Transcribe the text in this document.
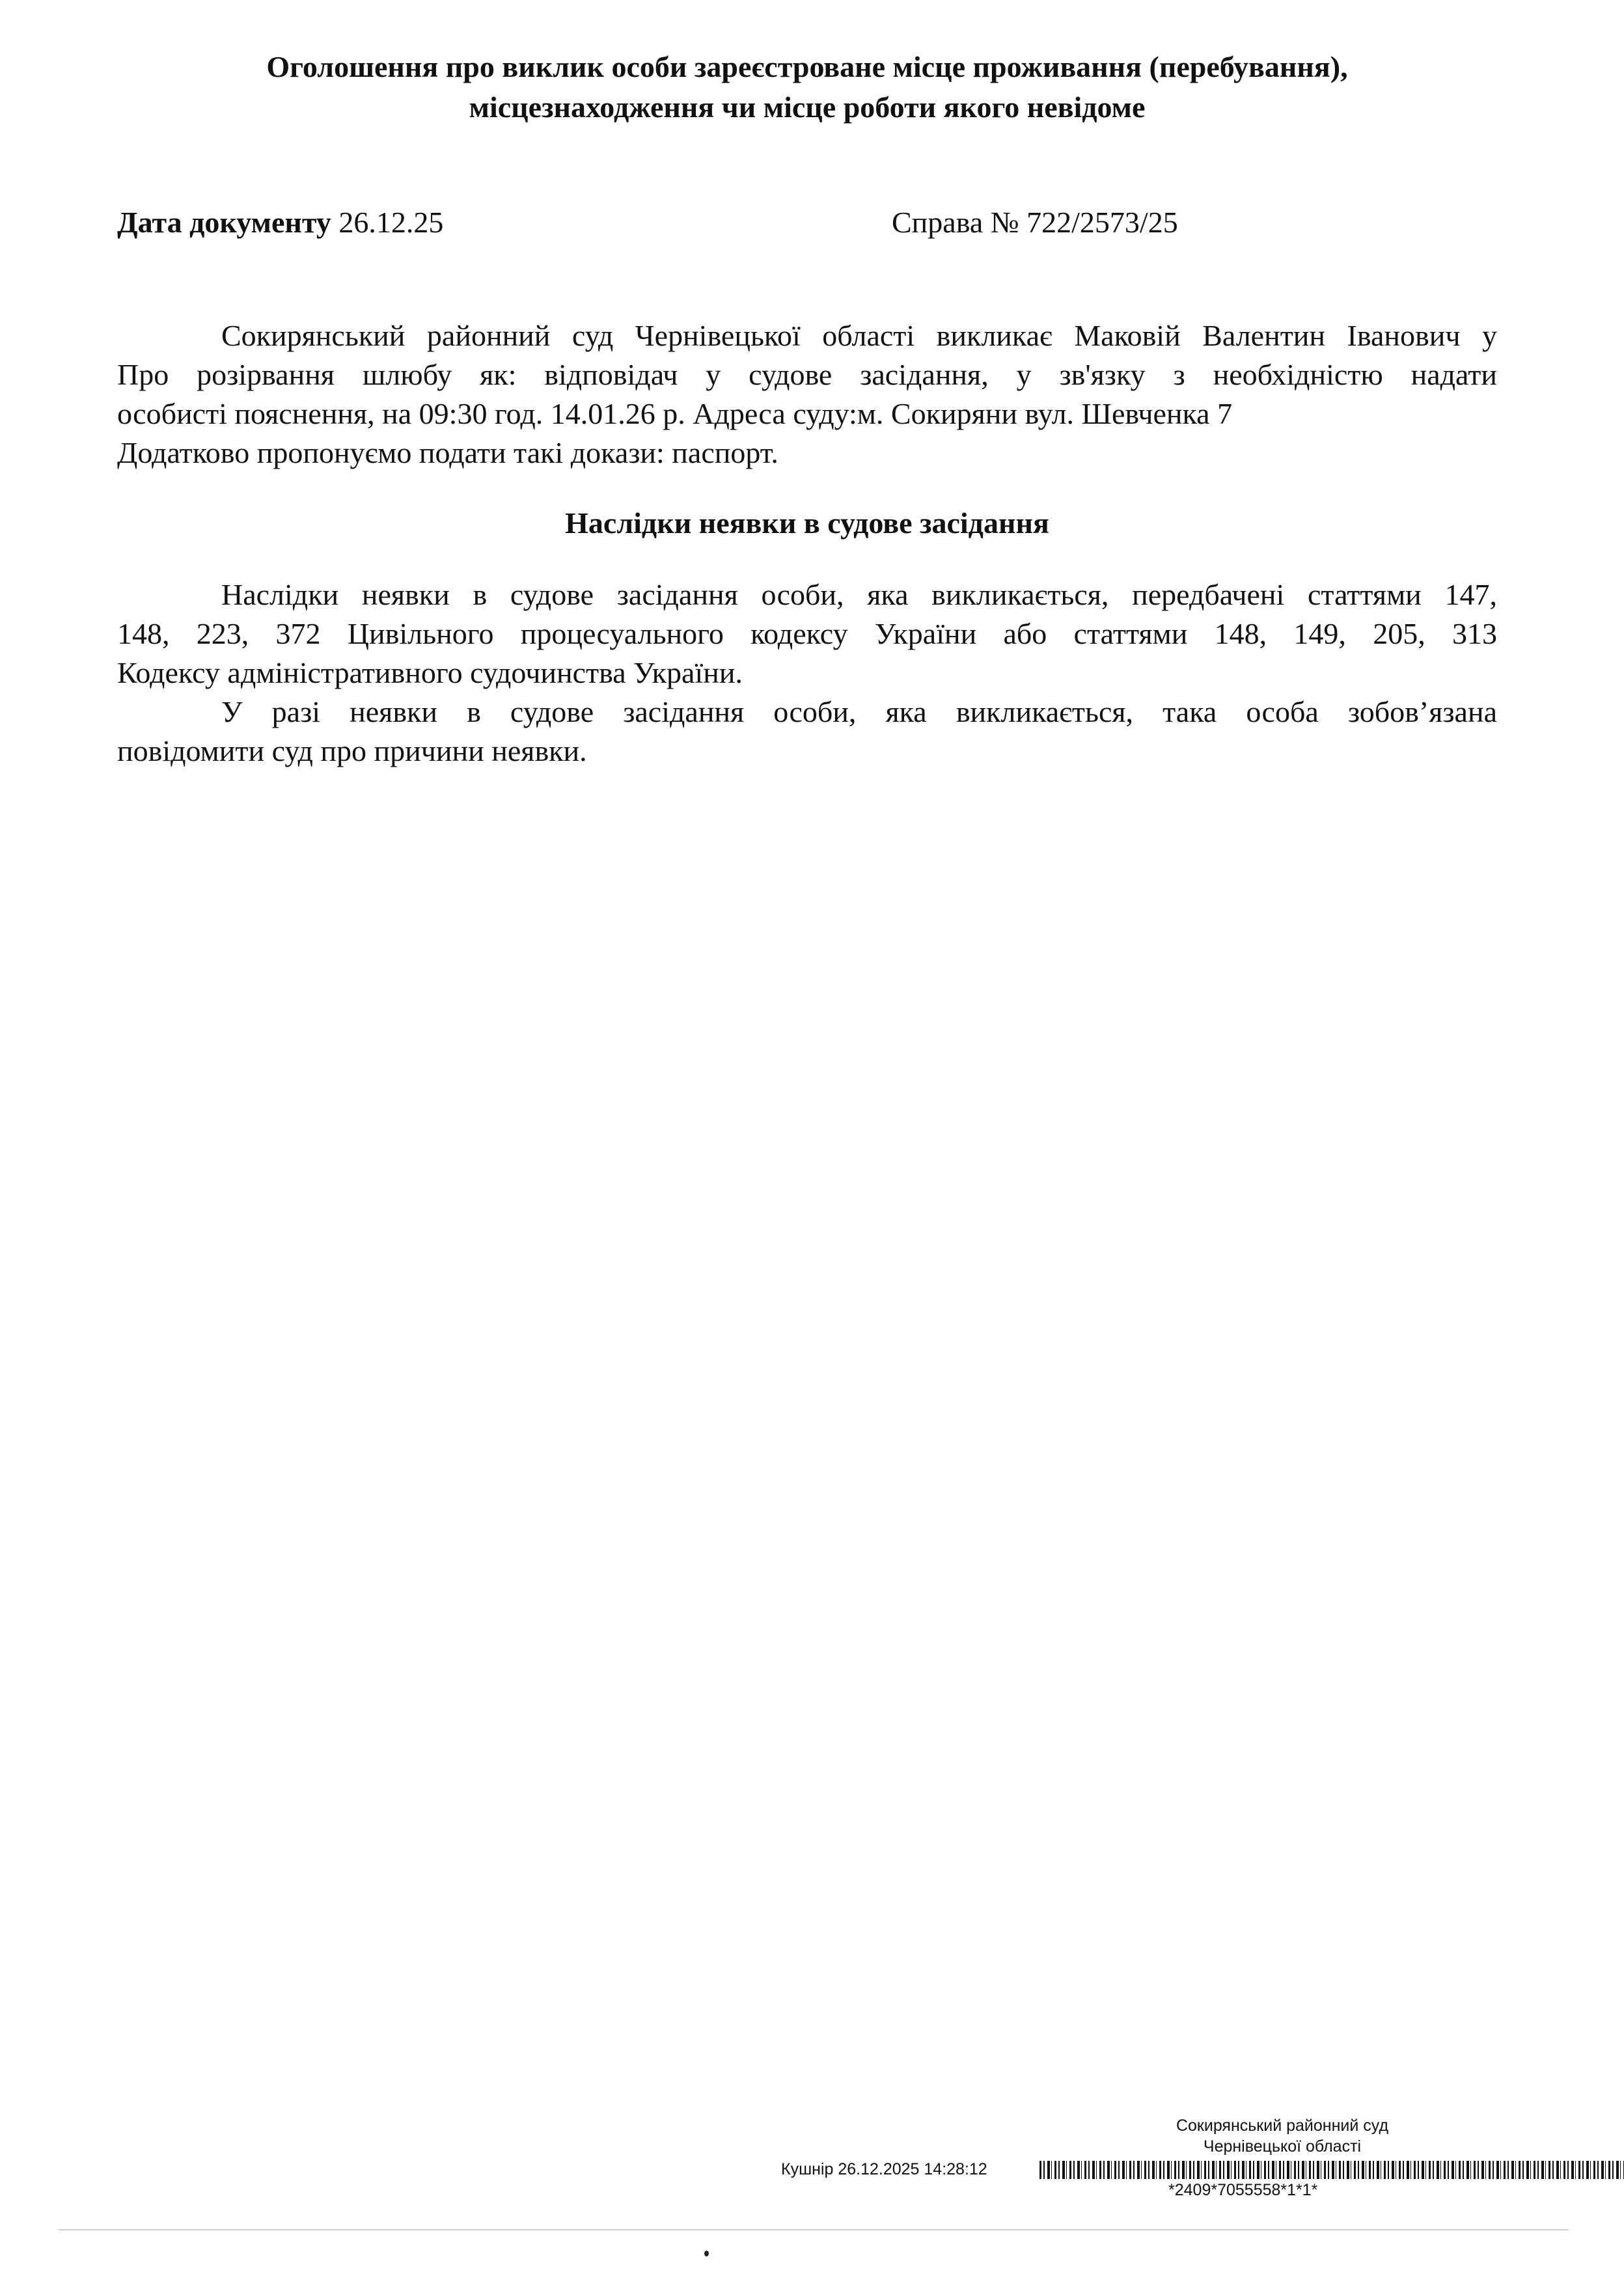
Оголошення про виклик особи зареєстроване місце проживання (перебування),
місцезнаходження чи місце роботи якого невідоме
Дата документу 26.12.25	Справа № 722/2573/25
Сокирянський районний суд Чернівецької області викликає Маковій Валентин Іванович у
Про розірвання шлюбу як: відповідач у судове засідання, у зв'язку з необхідністю надати
особисті пояснення, на 09:30 год. 14.01.26 р. Адреса суду:м. Сокиряни вул. Шевченка 7
Додатково пропонуємо подати такі докази: паспорт.
Наслідки неявки в судове засідання
Наслідки неявки в судове засідання особи, яка викликається, передбачені статтями 147,
148, 223, 372 Цивільного процесуального кодексу України або статтями 148, 149, 205, 313
Кодексу адміністративного судочинства України.
У разі неявки в судове засідання особи, яка викликається, така особа зобов’язана
повідомити суд про причини неявки.
Сокирянський районний суд
Чернівецької області
Кушнір 26.12.2025 14:28:12
*2409*7055558*1*1*
